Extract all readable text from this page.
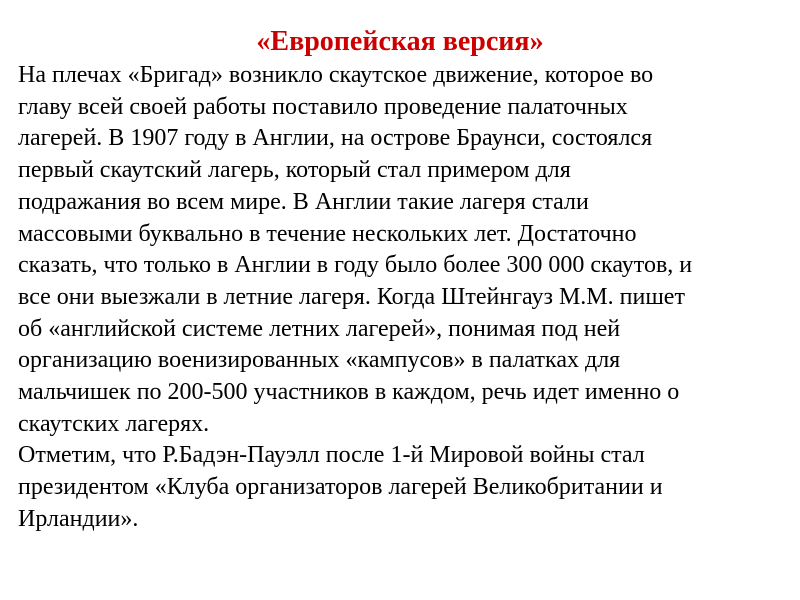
«Европейская версия»
На плечах «Бригад» возникло скаутское движение, которое во
главу всей своей работы поставило проведение палаточных
лагерей. В 1907 году в Англии, на острове Браунси, состоялся
первый скаутский лагерь, который стал примером для
подражания во всем мире. В Англии такие лагеря стали
массовыми буквально в течение нескольких лет. Достаточно
сказать, что только в Англии в году было более 300 000 скаутов, и
все они выезжали в летние лагеря. Когда Штейнгауз М.М. пишет
об «английской системе летних лагерей», понимая под ней
организацию военизированных «кампусов» в палатках для
мальчишек по 200-500 участников в каждом, речь идет именно о
скаутских лагерях.
Отметим, что Р.Бадэн-Пауэлл после 1-й Мировой войны стал
президентом «Клуба организаторов лагерей Великобритании и
Ирландии».
